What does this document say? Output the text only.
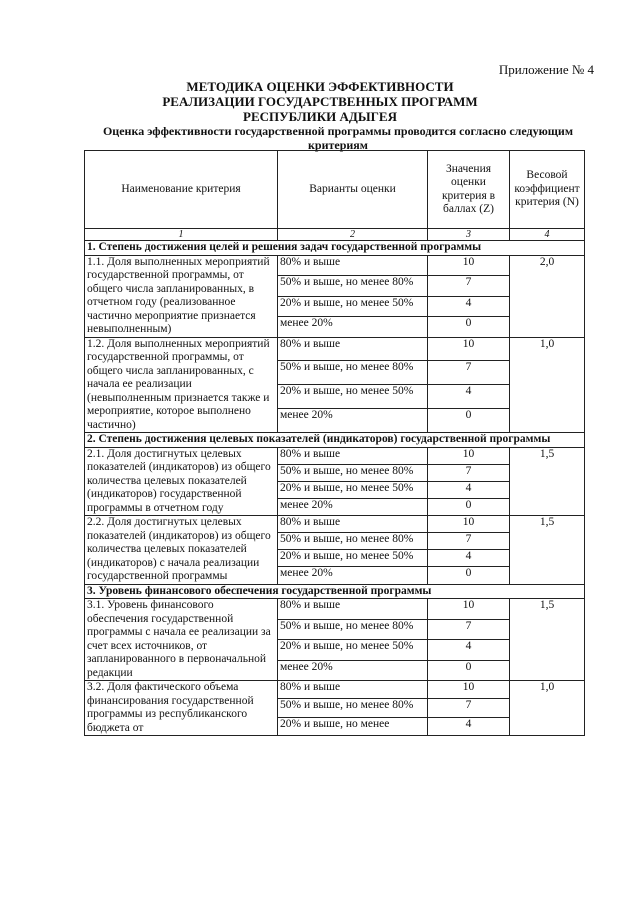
Приложение № 4
МЕТОДИКА ОЦЕНКИ ЭФФЕКТИВНОСТИ
РЕАЛИЗАЦИИ ГОСУДАРСТВЕННЫХ ПРОГРАММ
РЕСПУБЛИКИ АДЫГЕЯ
Оценка эффективности государственной программы проводится согласно следующим критериям
Наименование критерия	Варианты оценки	Значения оценки критерия в баллах (Z)	Весовой коэффициент критерия (N)
1	2	3	4
1. Степень достижения целей и решения задач государственной программы			
1.1. Доля выполненных мероприятий государственной программы, от общего числа запланированных, в отчетном году (реализованное частично мероприятие признается невыполненным)	80% и выше	10	2,0
	50% и выше, но менее 80%	7	
	20% и выше, но менее 50%	4	
	менее 20%	0	
1.2. Доля выполненных мероприятий государственной программы, от общего числа запланированных, с начала ее реализации (невыполненным признается также и мероприятие, которое выполнено частично)	80% и выше	10	1,0
	50% и выше, но менее 80%	7	
	20% и выше, но менее 50%	4	
	менее 20%	0	
2. Степень достижения целевых показателей (индикаторов) государственной программы			
2.1. Доля достигнутых целевых показателей (индикаторов) из общего количества целевых показателей (индикаторов) государственной программы в отчетном году	80% и выше	10	1,5
	50% и выше, но менее 80%	7	
	20% и выше, но менее 50%	4	
	менее 20%	0	
2.2. Доля достигнутых целевых показателей (индикаторов) из общего количества целевых показателей (индикаторов) с начала реализации государственной программы	80% и выше	10	1,5
	50% и выше, но менее 80%	7	
	20% и выше, но менее 50%	4	
	менее 20%	0	
3. Уровень финансового обеспечения государственной программы			
3.1. Уровень финансового обеспечения государственной программы с начала ее реализации за счет всех источников, от запланированного в первоначальной редакции	80% и выше	10	1,5
	50% и выше, но менее 80%	7	
	20% и выше, но менее 50%	4	
	менее 20%	0	
3.2. Доля фактического объема финансирования государственной программы из республиканского бюджета от	80% и выше	10	1,0
	50% и выше, но менее 80%	7	
	20% и выше, но менее	4	
